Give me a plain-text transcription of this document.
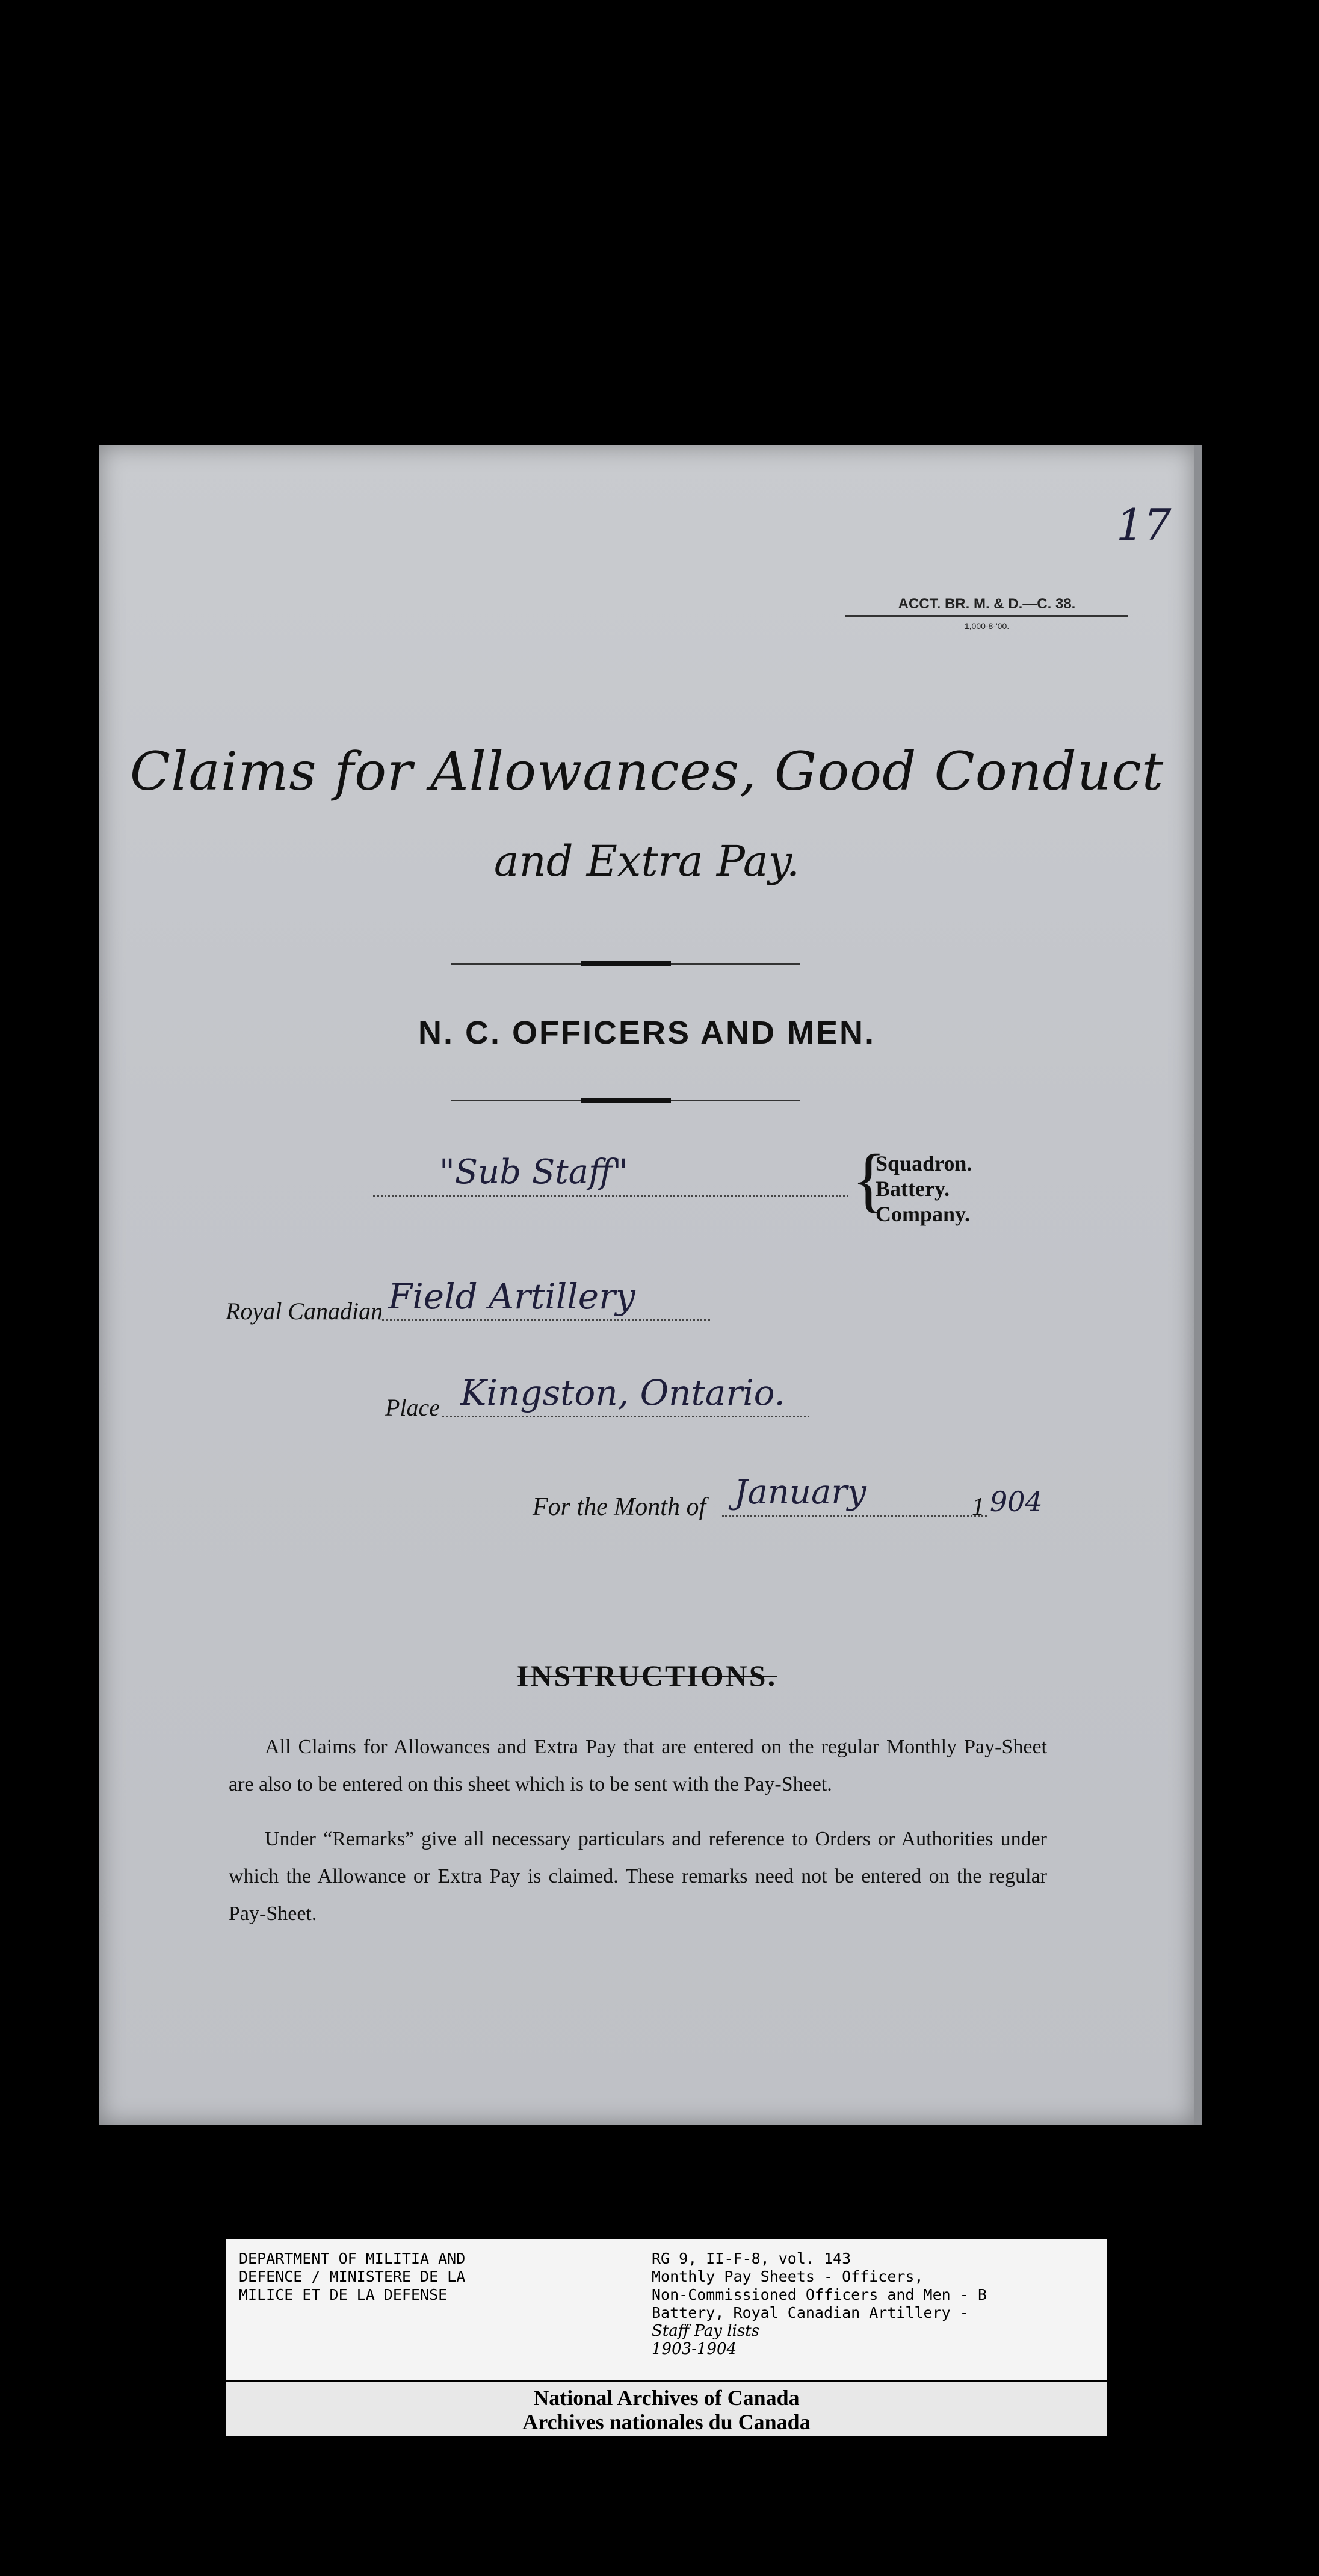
17
ACCT. BR. M. & D.—C. 38.
1,000-8-'00.
Claims for Allowances, Good Conduct
and Extra Pay.
N. C. OFFICERS AND MEN.
"Sub Staff"	{
Squadron.
Battery.
Company.
Royal Canadian Field Artillery
Place Kingston, Ontario.
For the Month of January	1 904
INSTRUCTIONS.
All Claims for Allowances and Extra Pay that are entered on the regular Monthly Pay-Sheet are also to be entered on this sheet which is to be sent with the Pay-Sheet.
Under “Remarks” give all necessary particulars and reference to Orders or Authorities under which the Allowance or Extra Pay is claimed. These remarks need not be entered on the regular Pay-Sheet.
DEPARTMENT OF MILITIA AND
DEFENCE / MINISTERE DE LA
MILICE ET DE LA DEFENSE
RG 9, II-F-8, vol. 143
Monthly Pay Sheets - Officers,
Non-Commissioned Officers and Men - B
Battery, Royal Canadian Artillery -
Staff Pay lists
1903-1904
National Archives of Canada
Archives nationales du Canada
